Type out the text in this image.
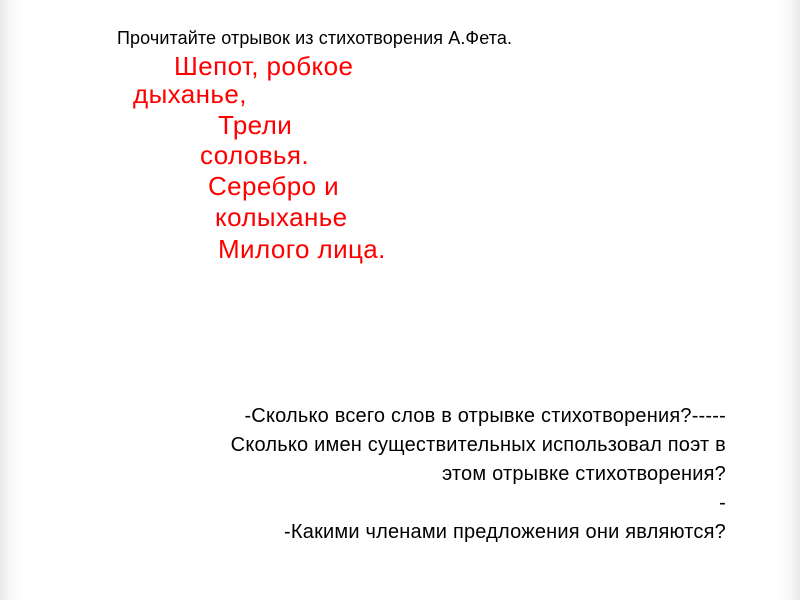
Прочитайте отрывок из стихотворения А.Фета.
Шепот, робкое
дыханье,
Трели
соловья.
Серебро и
колыханье
Милого лица.
-Сколько всего слов в отрывке стихотворения?-----
Сколько имен существительных использовал поэт в
этом отрывке стихотворения?
-
-Какими членами предложения они являются?
